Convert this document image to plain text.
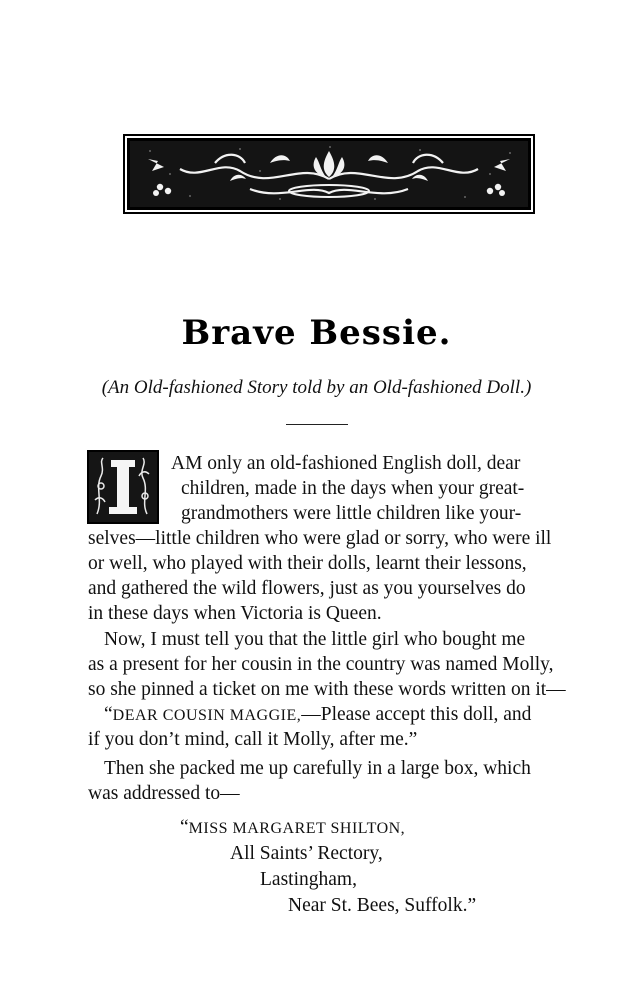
Brave Bessie.
(An Old-fashioned Story told by an Old-fashioned Doll.)
AM only an old-fashioned English doll, dear
children, made in the days when your great-
grandmothers were little children like your-
selves—little children who were glad or sorry, who were ill
or well, who played with their dolls, learnt their lessons,
and gathered the wild flowers, just as you yourselves do
in these days when Victoria is Queen.
Now, I must tell you that the little girl who bought me
as a present for her cousin in the country was named Molly,
so she pinned a ticket on me with these words written on it—
“DEAR COUSIN MAGGIE,—Please accept this doll, and
if you don’t mind, call it Molly, after me.”
Then she packed me up carefully in a large box, which
was addressed to—
“MISS MARGARET SHILTON,
All Saints’ Rectory,
Lastingham,
Near St. Bees, Suffolk.”
